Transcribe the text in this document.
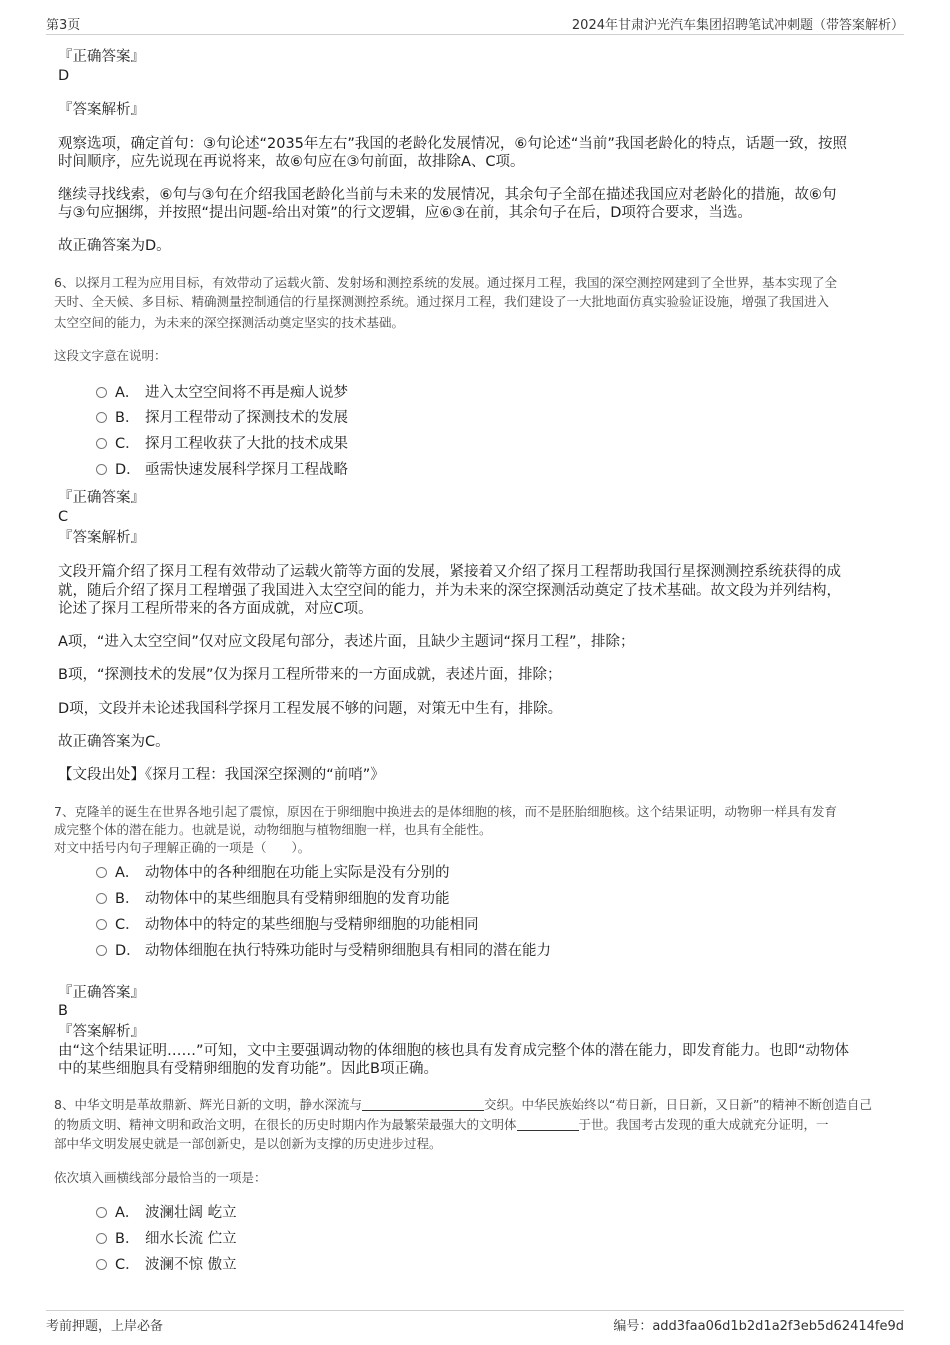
第3页	2024年甘肃沪光汽车集团招聘笔试冲刺题（带答案解析）
『正确答案』
D
『答案解析』
观察选项，确定首句：③句论述“2035年左右”我国的老龄化发展情况，⑥句论述“当前”我国老龄化的特点，话题一致，按照
时间顺序，应先说现在再说将来，故⑥句应在③句前面，故排除A、C项。
继续寻找线索，⑥句与③句在介绍我国老龄化当前与未来的发展情况，其余句子全部在描述我国应对老龄化的措施，故⑥句
与③句应捆绑，并按照“提出问题-给出对策”的行文逻辑，应⑥③在前，其余句子在后，D项符合要求，当选。
故正确答案为D。
6、以探月工程为应用目标，有效带动了运载火箭、发射场和测控系统的发展。通过探月工程，我国的深空测控网建到了全世界，基本实现了全
天时、全天候、多目标、精确测量控制通信的行星探测测控系统。通过探月工程，我们建设了一大批地面仿真实验验证设施，增强了我国进入
太空空间的能力，为未来的深空探测活动奠定坚实的技术基础。
这段文字意在说明：
A． 进入太空空间将不再是痴人说梦
B． 探月工程带动了探测技术的发展
C． 探月工程收获了大批的技术成果
D． 亟需快速发展科学探月工程战略
『正确答案』
C
『答案解析』
文段开篇介绍了探月工程有效带动了运载火箭等方面的发展，紧接着又介绍了探月工程帮助我国行星探测测控系统获得的成
就，随后介绍了探月工程增强了我国进入太空空间的能力，并为未来的深空探测活动奠定了技术基础。故文段为并列结构，
论述了探月工程所带来的各方面成就，对应C项。
A项，“进入太空空间”仅对应文段尾句部分，表述片面，且缺少主题词“探月工程”，排除；
B项，“探测技术的发展”仅为探月工程所带来的一方面成就，表述片面，排除；
D项，文段并未论述我国科学探月工程发展不够的问题，对策无中生有，排除。
故正确答案为C。
【文段出处】《探月工程：我国深空探测的“前哨”》
7、克隆羊的诞生在世界各地引起了震惊，原因在于卵细胞中换进去的是体细胞的核，而不是胚胎细胞核。这个结果证明，动物卵一样具有发育
成完整个体的潜在能力。也就是说，动物细胞与植物细胞一样，也具有全能性。
对文中括号内句子理解正确的一项是（　　）。
A． 动物体中的各种细胞在功能上实际是没有分别的
B． 动物体中的某些细胞具有受精卵细胞的发育功能
C． 动物体中的特定的某些细胞与受精卵细胞的功能相同
D． 动物体细胞在执行特殊功能时与受精卵细胞具有相同的潜在能力
『正确答案』
B
『答案解析』
由“这个结果证明……”可知，文中主要强调动物的体细胞的核也具有发育成完整个体的潜在能力，即发育能力。也即“动物体
中的某些细胞具有受精卵细胞的发育功能”。因此B项正确。
8、中华文明是革故鼎新、辉光日新的文明，静水深流与	交织。中华民族始终以“苟日新，日日新，又日新”的精神不断创造自己
的物质文明、精神文明和政治文明，在很长的历史时期内作为最繁荣最强大的文明体	于世。我国考古发现的重大成就充分证明，一
部中华文明发展史就是一部创新史，是以创新为支撑的历史进步过程。
依次填入画横线部分最恰当的一项是：
A． 波澜壮阔 屹立
B． 细水长流 伫立
C． 波澜不惊 傲立
考前押题，上岸必备	编号：add3faa06d1b2d1a2f3eb5d62414fe9d
